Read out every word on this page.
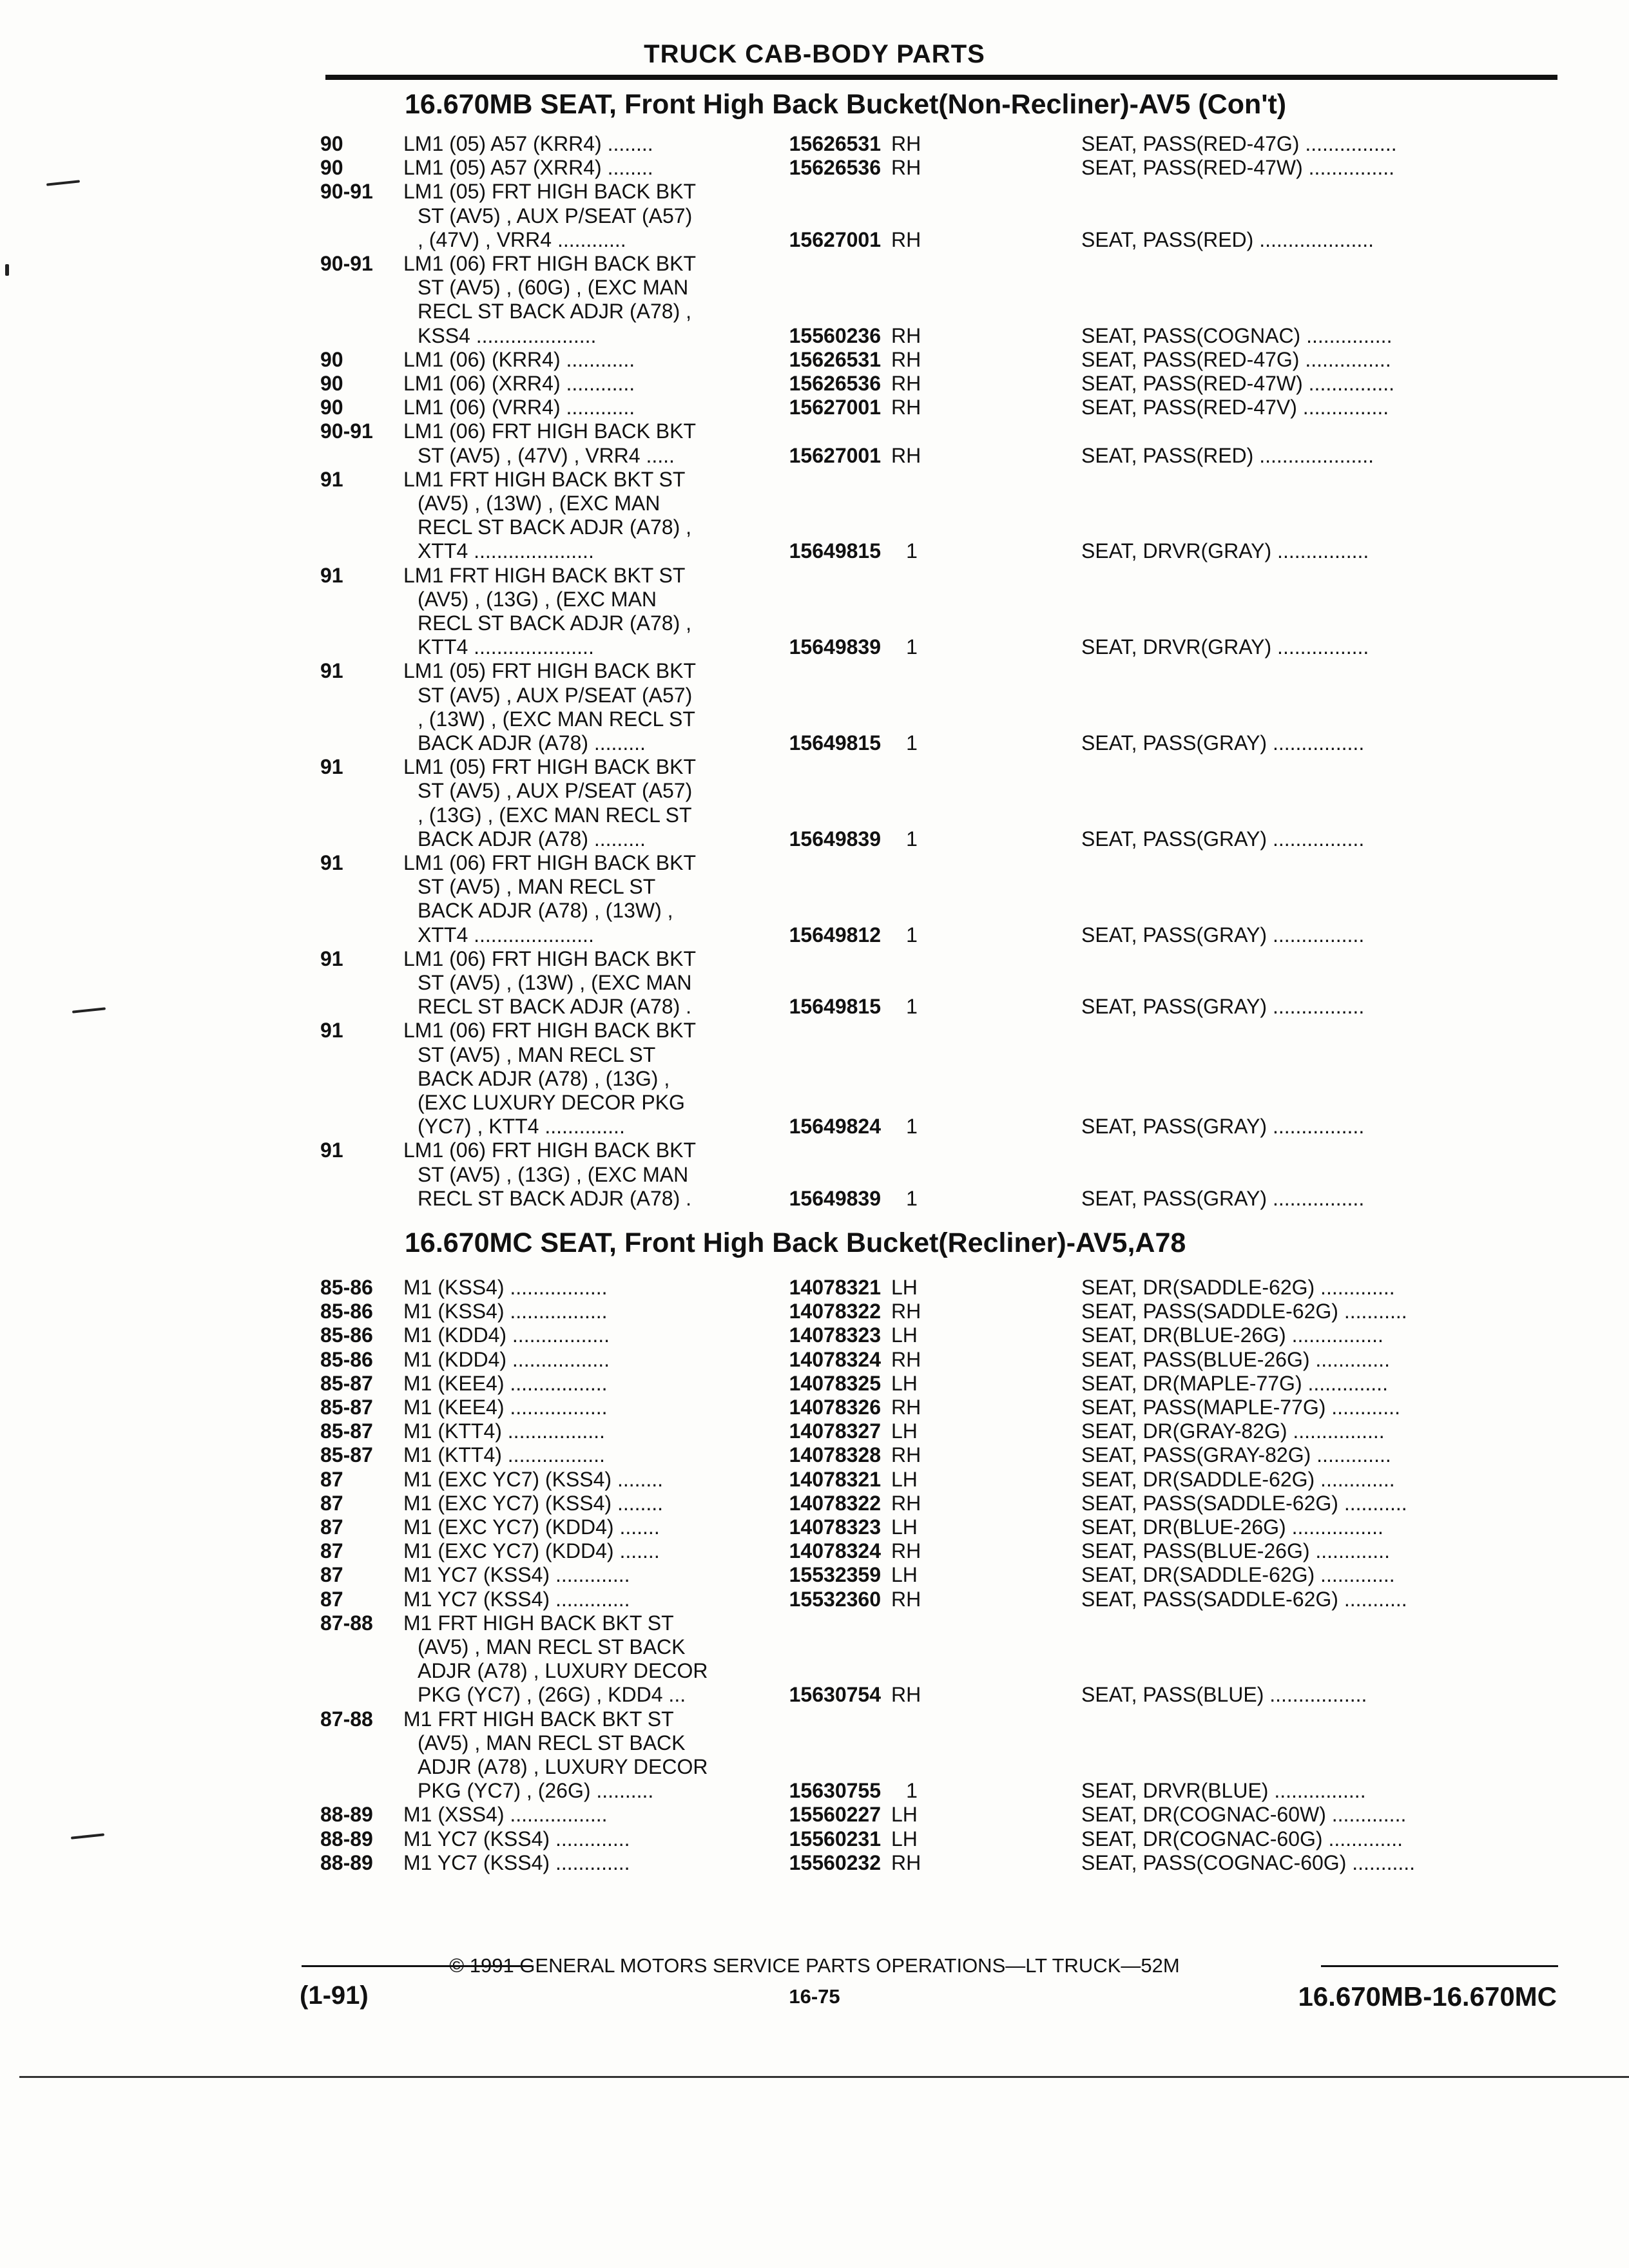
TRUCK CAB-BODY PARTS
16.670MB SEAT, Front High Back Bucket(Non-Recliner)-AV5 (Con't)
90	LM1 (05) A57 (KRR4) ........	15626531 RH	SEAT, PASS(RED-47G) ................
90	LM1 (05) A57 (XRR4) ........	15626536 RH	SEAT, PASS(RED-47W) ...............
90-91 LM1 (05) FRT HIGH BACK BKT
ST (AV5) , AUX P/SEAT (A57)
, (47V) , VRR4 ............	15627001 RH	SEAT, PASS(RED) ....................
90-91 LM1 (06) FRT HIGH BACK BKT
ST (AV5) , (60G) , (EXC MAN
RECL ST BACK ADJR (A78) ,
KSS4 .....................	15560236 RH	SEAT, PASS(COGNAC) ...............
90	LM1 (06) (KRR4) ............	15626531 RH	SEAT, PASS(RED-47G) ...............
90	LM1 (06) (XRR4) ............	15626536 RH	SEAT, PASS(RED-47W) ...............
90	LM1 (06) (VRR4) ............	15627001 RH	SEAT, PASS(RED-47V) ...............
90-91 LM1 (06) FRT HIGH BACK BKT
ST (AV5) , (47V) , VRR4 .....	15627001 RH	SEAT, PASS(RED) ....................
91	LM1 FRT HIGH BACK BKT ST
(AV5) , (13W) , (EXC MAN
RECL ST BACK ADJR (A78) ,
XTT4 .....................	15649815 1	SEAT, DRVR(GRAY) ................
91	LM1 FRT HIGH BACK BKT ST
(AV5) , (13G) , (EXC MAN
RECL ST BACK ADJR (A78) ,
KTT4 .....................	15649839 1	SEAT, DRVR(GRAY) ................
91	LM1 (05) FRT HIGH BACK BKT
ST (AV5) , AUX P/SEAT (A57)
, (13W) , (EXC MAN RECL ST
BACK ADJR (A78) .........	15649815 1	SEAT, PASS(GRAY) ................
91	LM1 (05) FRT HIGH BACK BKT
ST (AV5) , AUX P/SEAT (A57)
, (13G) , (EXC MAN RECL ST
BACK ADJR (A78) .........	15649839 1	SEAT, PASS(GRAY) ................
91	LM1 (06) FRT HIGH BACK BKT
ST (AV5) , MAN RECL ST
BACK ADJR (A78) , (13W) ,
XTT4 .....................	15649812 1	SEAT, PASS(GRAY) ................
91	LM1 (06) FRT HIGH BACK BKT
ST (AV5) , (13W) , (EXC MAN
RECL ST BACK ADJR (A78) .	15649815 1	SEAT, PASS(GRAY) ................
91	LM1 (06) FRT HIGH BACK BKT
ST (AV5) , MAN RECL ST
BACK ADJR (A78) , (13G) ,
(EXC LUXURY DECOR PKG
(YC7) , KTT4 ..............	15649824 1	SEAT, PASS(GRAY) ................
91	LM1 (06) FRT HIGH BACK BKT
ST (AV5) , (13G) , (EXC MAN
RECL ST BACK ADJR (A78) .	15649839 1	SEAT, PASS(GRAY) ................
16.670MC SEAT, Front High Back Bucket(Recliner)-AV5,A78
85-86 M1 (KSS4) .................	14078321 LH	SEAT, DR(SADDLE-62G) .............
85-86 M1 (KSS4) .................	14078322 RH	SEAT, PASS(SADDLE-62G) ...........
85-86 M1 (KDD4) .................	14078323 LH	SEAT, DR(BLUE-26G) ................
85-86 M1 (KDD4) .................	14078324 RH	SEAT, PASS(BLUE-26G) .............
85-87 M1 (KEE4) .................	14078325 LH	SEAT, DR(MAPLE-77G) ..............
85-87 M1 (KEE4) .................	14078326 RH	SEAT, PASS(MAPLE-77G) ............
85-87 M1 (KTT4) .................	14078327 LH	SEAT, DR(GRAY-82G) ................
85-87 M1 (KTT4) .................	14078328 RH	SEAT, PASS(GRAY-82G) .............
87	M1 (EXC YC7) (KSS4) ........	14078321 LH	SEAT, DR(SADDLE-62G) .............
87	M1 (EXC YC7) (KSS4) ........	14078322 RH	SEAT, PASS(SADDLE-62G) ...........
87	M1 (EXC YC7) (KDD4) .......	14078323 LH	SEAT, DR(BLUE-26G) ................
87	M1 (EXC YC7) (KDD4) .......	14078324 RH	SEAT, PASS(BLUE-26G) .............
87	M1 YC7 (KSS4) .............	15532359 LH	SEAT, DR(SADDLE-62G) .............
87	M1 YC7 (KSS4) .............	15532360 RH	SEAT, PASS(SADDLE-62G) ...........
87-88 M1 FRT HIGH BACK BKT ST
(AV5) , MAN RECL ST BACK
ADJR (A78) , LUXURY DECOR
PKG (YC7) , (26G) , KDD4 ...	15630754 RH	SEAT, PASS(BLUE) .................
87-88 M1 FRT HIGH BACK BKT ST
(AV5) , MAN RECL ST BACK
ADJR (A78) , LUXURY DECOR
PKG (YC7) , (26G) ..........	15630755 1	SEAT, DRVR(BLUE) ................
88-89 M1 (XSS4) .................	15560227 LH	SEAT, DR(COGNAC-60W) .............
88-89 M1 YC7 (KSS4) .............	15560231 LH	SEAT, DR(COGNAC-60G) .............
88-89 M1 YC7 (KSS4) .............	15560232 RH	SEAT, PASS(COGNAC-60G) ...........
© 1991 GENERAL MOTORS SERVICE PARTS OPERATIONS—LT TRUCK—52M
(1-91)	16-75	16.670MB-16.670MC
